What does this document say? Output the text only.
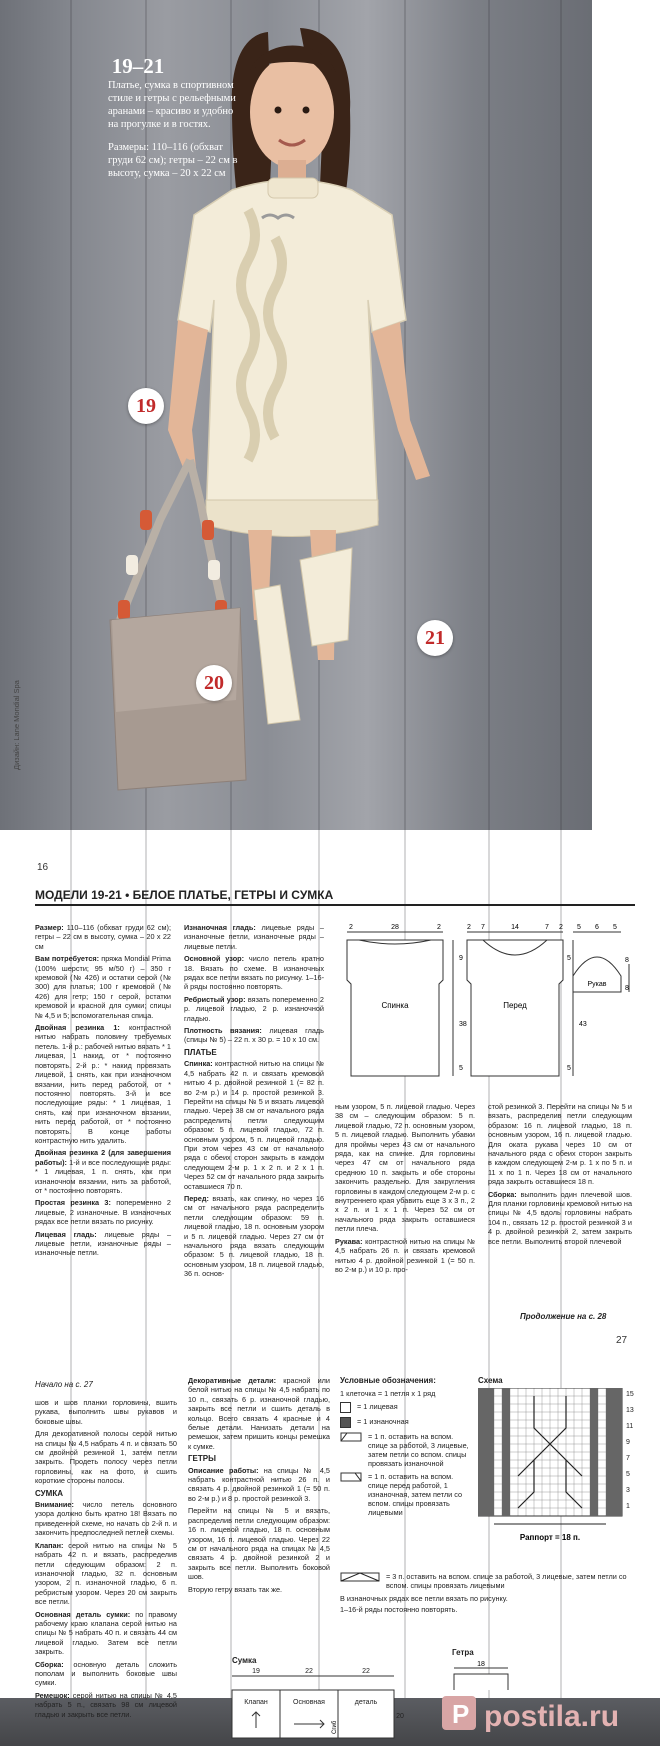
19–21

Платье, сумка в спортивном стиле и гетры с рельефными аранами – красиво и удобно на прогулке и в гостях.

Размеры: 110–116 (обхват груди 62 см); гетры – 22 см в высоту, сумка – 20 х 22 см

19
20
21
Дизайн: Lane Mondial Spa
16
МОДЕЛИ 19-21 • БЕЛОЕ ПЛАТЬЕ, ГЕТРЫ И СУМКА

Размер: 110–116 (обхват груди 62 см); гетры – 22 см в высоту, сумка – 20 х 22 см

Вам потребуется: пряжа Mondial Prima (100% шерсти; 95 м/50 г) – 350 г кремовой (№ 426) и остатки серой (№ 300) для платья; 100 г кремовой (№ 426) для гетр; 150 г серой, остатки кремовой и красной для сумки; спицы № 4,5 и 5; вспомогательная спица.

Двойная резинка 1: контрастной нитью набрать половину требуемых петель. 1-й р.: рабочей нитью вязать * 1 лицевая, 1 накид, от * постоянно повторять. 2-й р.: * накид провязать лицевой, 1 снять, как при изнаночном вязании, нить перед работой, от * постоянно повторять. 3-й и все последующие ряды: * 1 лицевая, 1 снять, как при изнаночном вязании, нить перед работой, от * постоянно повторять. В конце работы контрастную нить удалить.

Двойная резинка 2 (для завершения работы): 1-й и все последующие ряды: * 1 лицевая, 1 п. снять, как при изнаночном вязании, нить за работой, от * постоянно повторять.

Простая резинка 3: попеременно 2 лицевые, 2 изнаночные. В изнаночных рядах все петли вязать по рисунку.

Лицевая гладь: лицевые ряды – лицевые петли, изнаночные ряды – изнаночные петли.

Изнаночная гладь: лицевые ряды – изнаночные петли, изнаночные ряды – лицевые петли.

Основной узор: число петель кратно 18. Вязать по схеме. В изнаночных рядах все петли вязать по рисунку. 1–16-й ряды постоянно повторять.

Ребристый узор: вязать попеременно 2 р. лицевой гладью, 2 р. изнаночной гладью.

Плотность вязания: лицевая гладь (спицы № 5) – 22 п. х 30 р. = 10 х 10 см.

ПЛАТЬЕ

Спинка: контрастной нитью на спицы № 4,5 набрать 42 п. и связать кремовой нитью 4 р. двойной резинкой 1 (= 82 п. во 2-м р.) и 14 р. простой резинкой 3. Перейти на спицы № 5 и вязать лицевой гладью. Через 38 см от начального ряда распределить петли следующим образом: 5 п. лицевой гладью, 72 п. основным узором, 5 п. лицевой гладью. При этом через 43 см от начального ряда с обеих сторон закрыть в каждом следующем 2-м р. 1 х 2 п. и 2 х 1 п. Через 52 см от начального ряда закрыть оставшиеся 70 п.

Перед: вязать, как спинку, но через 16 см от начального ряда распределить петли следующим образом: 59 п. лицевой гладью, 18 п. основным узором и 5 п. лицевой гладью. Через 27 см от начального ряда вязать следующим образом: 5 п. лицевой гладью, 18 п. основным узором, 18 п. лицевой гладью, 36 п. основ-

Спинка	Перед
Рукав
2	28	2
9
38
5
2 7	14	7 2
5
43
5
5 6 5
8
8

ным узором, 5 п. лицевой гладью. Через 38 см – следующим образом: 5 п. лицевой гладью, 72 п. основным узором, 5 п. лицевой гладью. Выполнить убавки для проймы через 43 см от начального ряда, как на спинке. Для горловины через 47 см от начального ряда среднюю 10 п. закрыть и обе стороны закончить раздельно. Для закругления горловины в каждом следующем 2-м р. с внутреннего края убавить еще 3 х 3 п., 2 х 2 п. и 1 х 1 п. Через 52 см от начального ряда закрыть оставшиеся петли плеча.

Рукава: контрастной нитью на спицы № 4,5 набрать 26 п. и связать кремовой нитью 4 р. двойной резинкой 1 (= 50 п. во 2-м р.) и 10 р. про-

стой резинкой 3. Перейти на спицы № 5 и вязать, распределив петли следующим образом: 16 п. лицевой гладью, 18 п. основным узором, 16 п. лицевой гладью. Для оката рукава через 10 см от начального ряда с обеих сторон закрыть в каждом следующем 2-м р. 1 х по 5 п. и 11 х по 1 п. Через 18 см от начального ряда закрыть оставшиеся 18 п.

Сборка: выполнить один плечевой шов. Для планки горловины кремовой нитью на спицы № 4,5 вдоль горловины набрать 104 п., связать 12 р. простой резинкой 3 и 4 р. двойной резинкой 2, затем закрыть все петли. Выполнить второй плечевой

Продолжение на с. 28
27
Начало на с. 27

шов и шов планки горловины, вшить рукава, выполнить швы рукавов и боковые швы.

Для декоративной полосы серой нитью на спицы № 4,5 набрать 4 п. и связать 50 см двойной резинкой 1, затем петли закрыть. Продеть полосу через петли горловины, как на фото, и сшить короткие стороны полосы.

СУМКА

Внимание: число петель основного узора должно быть кратно 18! Вязать по приведенной схеме, но начать со 2-й п. и закончить предпоследней петлей схемы.

Клапан: серой нитью на спицы № 5 набрать 42 п. и вязать, распределив петли следующим образом: 2 п. изнаночной гладью, 32 п. основным узором, 2 п. изнаночной гладью, 6 п. ребристым узором. Через 20 см закрыть все петли.

Основная деталь сумки: по правому рабочему краю клапана серой нитью на спицы № 5 набрать 40 п. и связать 44 см лицевой гладью. Затем все петли закрыть.

Сборка: основную деталь сложить пополам и выполнить боковые швы сумки.

Ремешок: серой нитью на спицы № 4,5 набрать 5 п., связать 98 см лицевой гладью и закрыть все петли.

Декоративные детали: красной или белой нитью на спицы № 4,5 набрать по 10 п., связать 6 р. изнаночной гладью, закрыть все петли и сшить деталь в кольцо. Всего связать 4 красные и 4 белые детали. Нанизать детали на ремешок, затем пришить концы ремешка к сумке.

ГЕТРЫ

Описание работы: на спицы № 4,5 набрать контрастной нитью 26 п. и связать 4 р. двойной резинкой 1 (= 50 п. во 2-м р.) и 8 р. простой резинкой 3.

Перейти на спицы № 5 и вязать, распределив петли следующим образом: 16 п. лицевой гладью, 18 п. основным узором, 16 п. лицевой гладью. Через 22 см от начального ряда на спицах № 4,5 связать 4 р. двойной резинкой 2 и закрыть все петли. Выполнить боковой шов.

Вторую гетру вязать так же.

Условные обозначения:
1 клеточка = 1 петля х 1 ряд
= 1 лицевая
= 1 изнаночная
= 1 п. оставить на вспом. спице за работой, 3 лицевые, затем петли со вспом. спицы провязать изнаночной
= 1 п. оставить на вспом. спице перед работой, 1 изнаночная, затем петли со вспом. спицы провязать лицевыми
= 3 п. оставить на вспом. спице за работой, 3 лицевые, затем петли со вспом. спицы провязать лицевыми
В изнаночных рядах все петли вязать по рисунку.
1–16-й ряды постоянно повторять.
Схема
15
13
11
9
7
5
3
1
Раппорт = 18 п.
Сумка
19	22	22
Клапан	Основная	деталь
20
Сгиб
Гетра
18
P postila.ru
